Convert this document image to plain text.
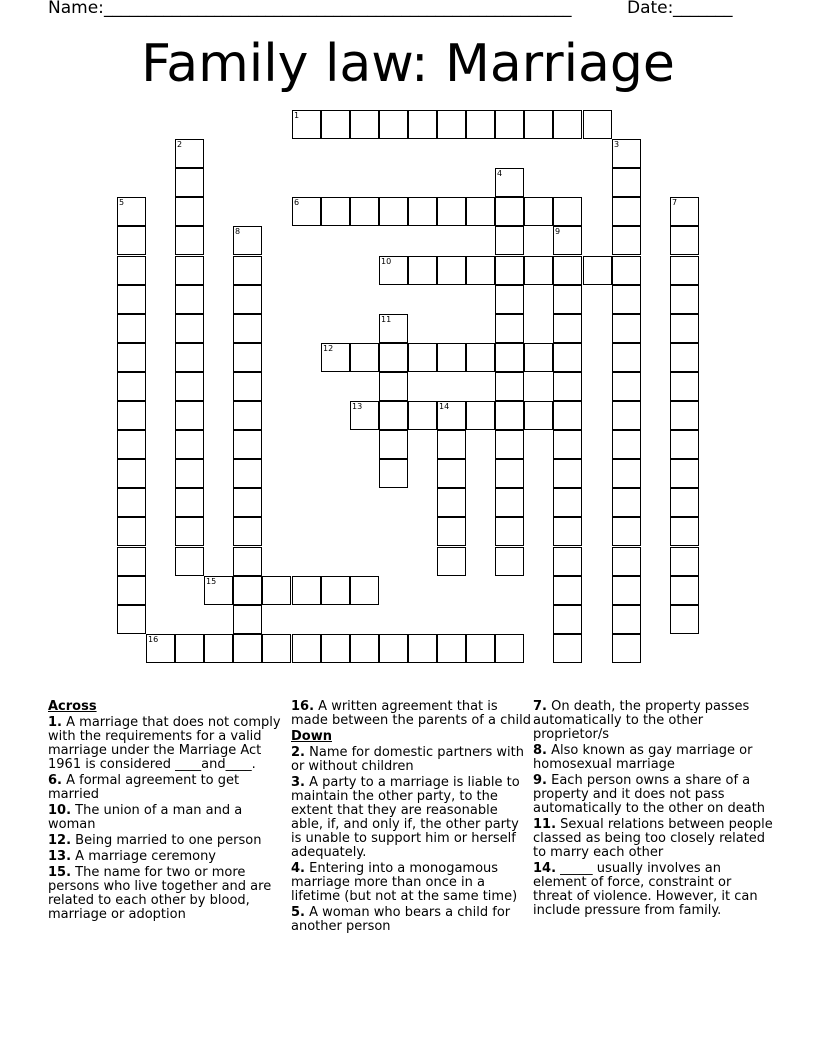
Name: _______________________________________________________	Date: _______
Family law: Marriage
1
6
10
12
13	14
15
16
2	3
4
5	7
8	9
11
Across
1. A marriage that does not comply with the requirements for a valid marriage under the Marriage Act 1961 is considered ____and____.
6. A formal agreement to get married
10. The union of a man and a woman
12. Being married to one person
13. A marriage ceremony
15. The name for two or more persons who live together and are related to each other by blood, marriage or adoption
16. A written agreement that is made between the parents of a child
Down
2. Name for domestic partners with or without children
3. A party to a marriage is liable to maintain the other party, to the extent that they are reasonable able, if, and only if, the other party is unable to support him or herself adequately.
4. Entering into a monogamous marriage more than once in a lifetime (but not at the same time)
5. A woman who bears a child for another person
7. On death, the property passes automatically to the other proprietor/s
8. Also known as gay marriage or homosexual marriage
9. Each person owns a share of a property and it does not pass automatically to the other on death
11. Sexual relations between people classed as being too closely related to marry each other
14. _____ usually involves an element of force, constraint or threat of violence. However, it can include pressure from family.
